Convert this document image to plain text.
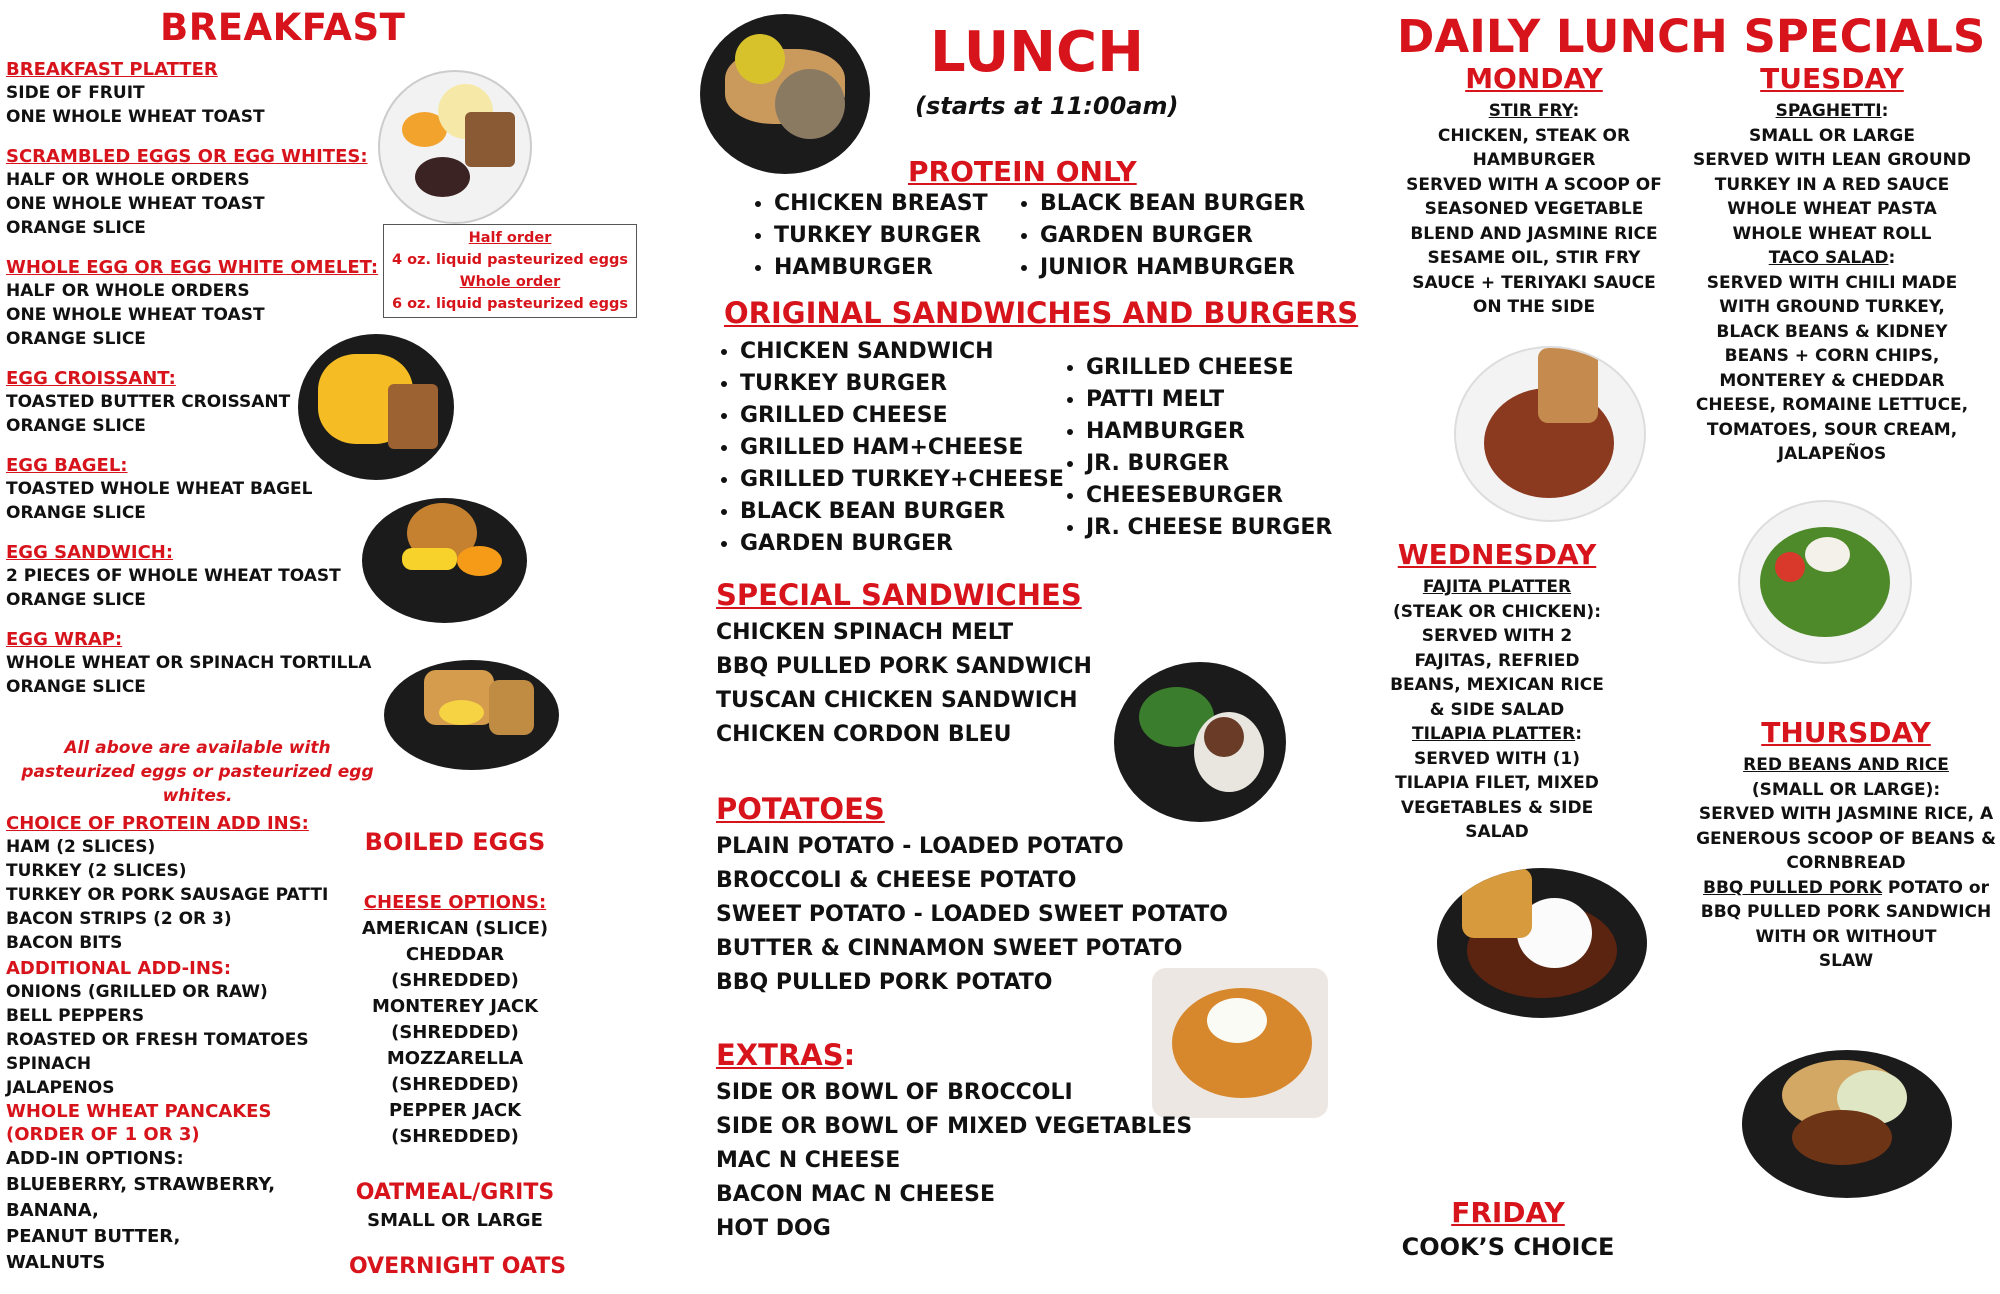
BREAKFAST
BREAKFAST PLATTER
SIDE OF FRUIT
ONE WHOLE WHEAT TOAST
SCRAMBLED EGGS OR EGG WHITES:
HALF OR WHOLE ORDERS
ONE WHOLE WHEAT TOAST
ORANGE SLICE
WHOLE EGG OR EGG WHITE OMELET:
HALF OR WHOLE ORDERS
ONE WHOLE WHEAT TOAST
ORANGE SLICE
EGG CROISSANT:
TOASTED BUTTER CROISSANT
ORANGE SLICE
EGG BAGEL:
TOASTED WHOLE WHEAT BAGEL
ORANGE SLICE
EGG SANDWICH:
2 PIECES OF WHOLE WHEAT TOAST
ORANGE SLICE
EGG WRAP:
WHOLE WHEAT OR SPINACH TORTILLA
ORANGE SLICE
All above are available with pasteurized eggs or pasteurized egg whites.
Half order
4 oz. liquid pasteurized eggs
Whole order
6 oz. liquid pasteurized eggs
CHOICE OF PROTEIN ADD INS:
HAM (2 SLICES)
TURKEY (2 SLICES)
TURKEY OR PORK SAUSAGE PATTI
BACON STRIPS (2 OR 3)
BACON BITS
ADDITIONAL ADD-INS:
ONIONS (GRILLED OR RAW)
BELL PEPPERS
ROASTED OR FRESH TOMATOES
SPINACH
JALAPENOS
WHOLE WHEAT PANCAKES
(ORDER OF 1 OR 3)
ADD-IN OPTIONS:
BLUEBERRY, STRAWBERRY,
BANANA,
PEANUT BUTTER,
WALNUTS
BOILED EGGS
CHEESE OPTIONS:
AMERICAN (SLICE)
CHEDDAR
(SHREDDED)
MONTEREY JACK
(SHREDDED)
MOZZARELLA
(SHREDDED)
PEPPER JACK
(SHREDDED)
OATMEAL/GRITS
SMALL OR LARGE
OVERNIGHT OATS
LUNCH
(starts at 11:00am)
PROTEIN ONLY
• CHICKEN BREAST
• TURKEY BURGER
• HAMBURGER
• BLACK BEAN BURGER
• GARDEN BURGER
• JUNIOR HAMBURGER
ORIGINAL SANDWICHES AND BURGERS
• CHICKEN SANDWICH
• TURKEY BURGER
• GRILLED CHEESE
• GRILLED HAM+CHEESE
• GRILLED TURKEY+CHEESE
• BLACK BEAN BURGER
• GARDEN BURGER
• GRILLED CHEESE
• PATTI MELT
• HAMBURGER
• JR. BURGER
• CHEESEBURGER
• JR. CHEESE BURGER
SPECIAL SANDWICHES
CHICKEN SPINACH MELT
BBQ PULLED PORK SANDWICH
TUSCAN CHICKEN SANDWICH
CHICKEN CORDON BLEU
POTATOES
PLAIN POTATO - LOADED POTATO
BROCCOLI & CHEESE POTATO
SWEET POTATO - LOADED SWEET POTATO
BUTTER & CINNAMON SWEET POTATO
BBQ PULLED PORK POTATO
EXTRAS:
SIDE OR BOWL OF BROCCOLI
SIDE OR BOWL OF MIXED VEGETABLES
MAC N CHEESE
BACON MAC N CHEESE
HOT DOG
DAILY LUNCH SPECIALS
MONDAY
STIR FRY:
CHICKEN, STEAK OR
HAMBURGER
SERVED WITH A SCOOP OF
SEASONED VEGETABLE
BLEND AND JASMINE RICE
SESAME OIL, STIR FRY
SAUCE + TERIYAKI SAUCE
ON THE SIDE
TUESDAY
SPAGHETTI:
SMALL OR LARGE
SERVED WITH LEAN GROUND
TURKEY IN A RED SAUCE
WHOLE WHEAT PASTA
WHOLE WHEAT ROLL
TACO SALAD:
SERVED WITH CHILI MADE
WITH GROUND TURKEY,
BLACK BEANS & KIDNEY
BEANS + CORN CHIPS,
MONTEREY & CHEDDAR
CHEESE, ROMAINE LETTUCE,
TOMATOES, SOUR CREAM,
JALAPEÑOS
WEDNESDAY
FAJITA PLATTER
(STEAK OR CHICKEN):
SERVED WITH 2
FAJITAS, REFRIED
BEANS, MEXICAN RICE
& SIDE SALAD
TILAPIA PLATTER:
SERVED WITH (1)
TILAPIA FILET, MIXED
VEGETABLES & SIDE
SALAD
THURSDAY
RED BEANS AND RICE
(SMALL OR LARGE):
SERVED WITH JASMINE RICE, A
GENEROUS SCOOP OF BEANS &
CORNBREAD
BBQ PULLED PORK POTATO or
BBQ PULLED PORK SANDWICH
WITH OR WITHOUT
SLAW
FRIDAY
COOK’S CHOICE
